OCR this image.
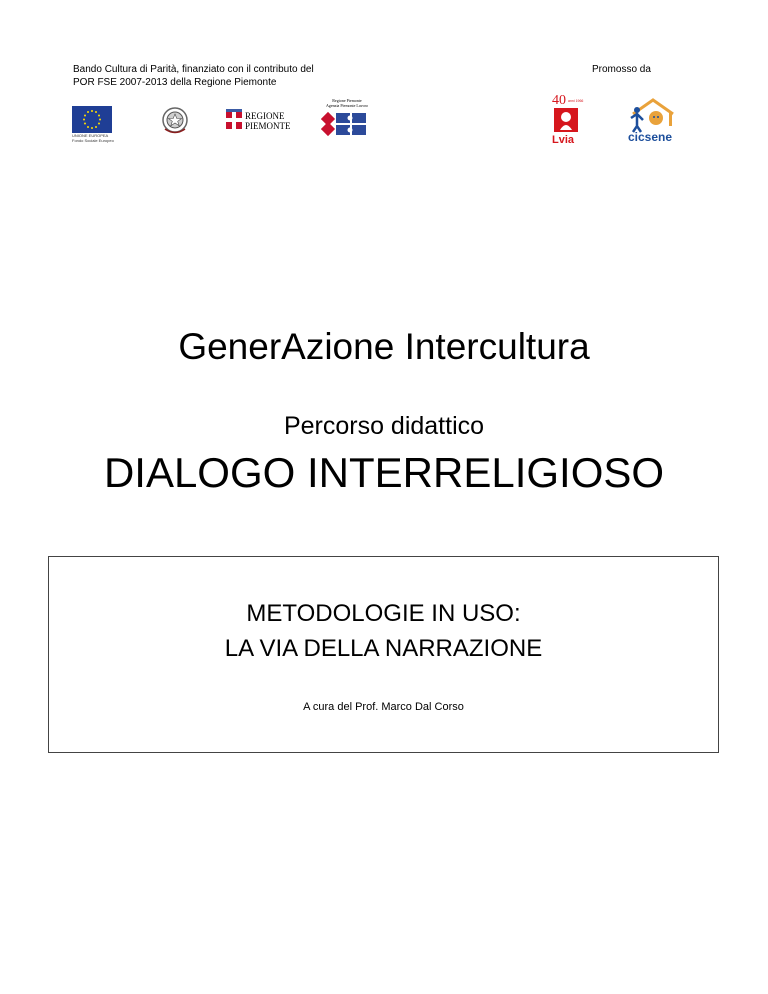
Bando Cultura di Parità, finanziato con il contributo del
POR FSE 2007-2013 della Regione Piemonte
Promosso da
UNIONE EUROPEA Fondo Sociale Europeo
REGIONE
PIEMONTE
Regione Piemonte
Agenzia Piemonte Lavoro	40 anni 1966
Lvia	cicsene
GenerAzione Intercultura
Percorso didattico
DIALOGO INTERRELIGIOSO
METODOLOGIE IN USO:
LA VIA DELLA NARRAZIONE
A cura del Prof. Marco Dal Corso
